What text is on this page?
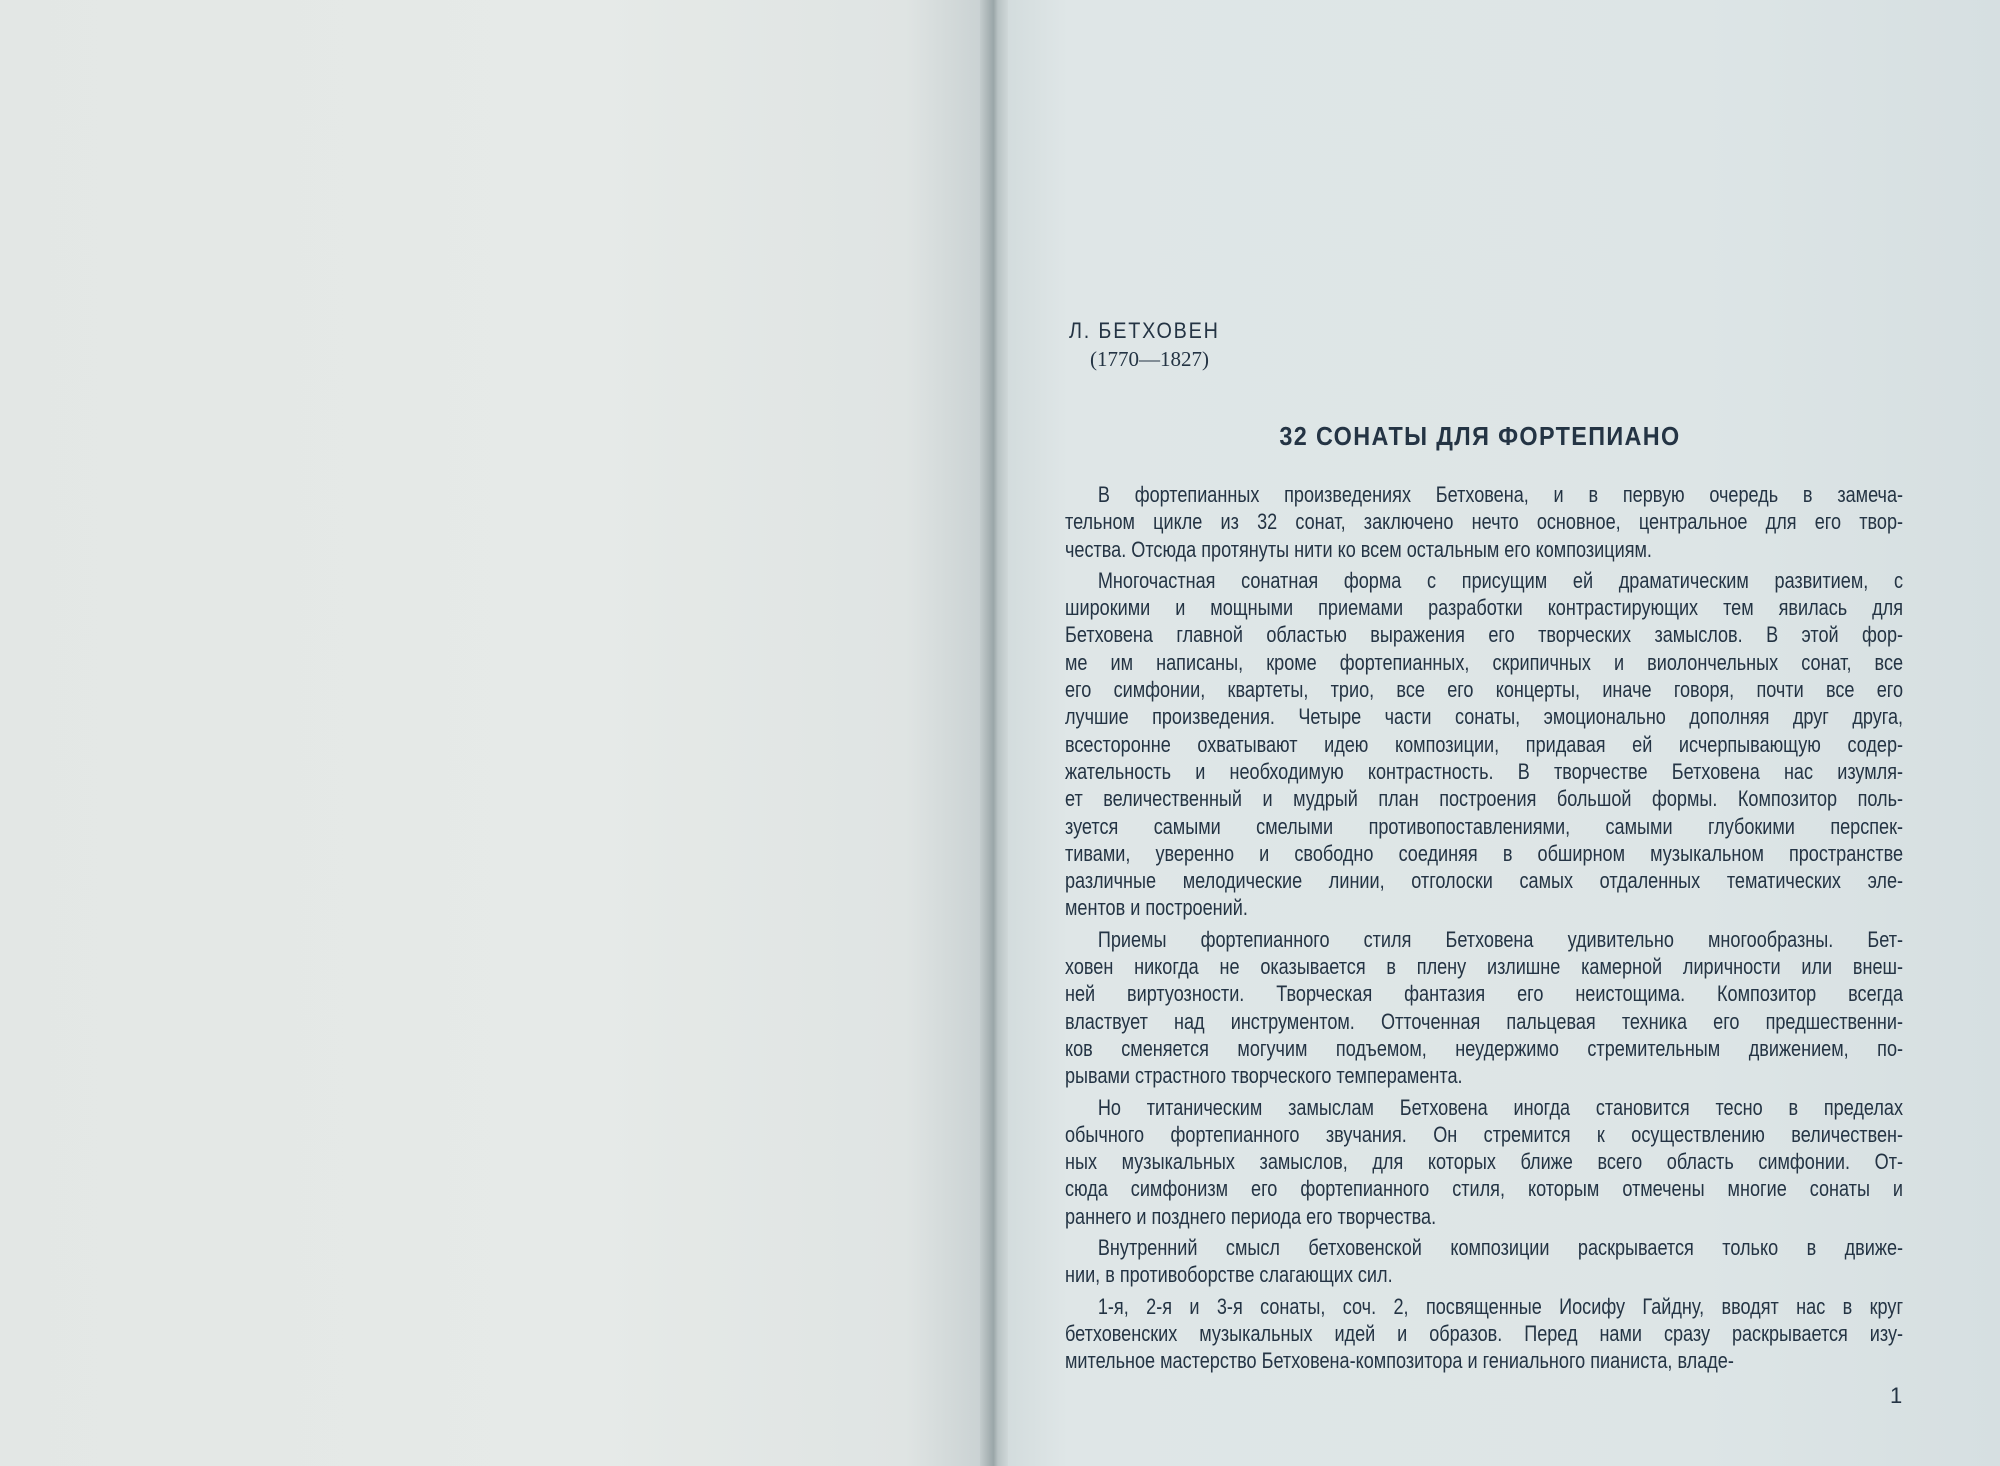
Л. БЕТХОВЕН
(1770—1827)
32 СОНАТЫ ДЛЯ ФОРТЕПИАНО
В фортепианных произведениях Бетховена, и в первую очередь в замеча-
тельном цикле из 32 сонат, заключено нечто основное, центральное для его твор-
чества. Отсюда протянуты нити ко всем остальным его композициям.
Многочастная сонатная форма с присущим ей драматическим развитием, с
широкими и мощными приемами разработки контрастирующих тем явилась для
Бетховена главной областью выражения его творческих замыслов. В этой фор-
ме им написаны, кроме фортепианных, скрипичных и виолончельных сонат, все
его симфонии, квартеты, трио, все его концерты, иначе говоря, почти все его
лучшие произведения. Четыре части сонаты, эмоционально дополняя друг друга,
всесторонне охватывают идею композиции, придавая ей исчерпывающую содер-
жательность и необходимую контрастность. В творчестве Бетховена нас изумля-
ет величественный и мудрый план построения большой формы. Композитор поль-
зуется самыми смелыми противопоставлениями, самыми глубокими перспек-
тивами, уверенно и свободно соединяя в обширном музыкальном пространстве
различные мелодические линии, отголоски самых отдаленных тематических эле-
ментов и построений.
Приемы фортепианного стиля Бетховена удивительно многообразны. Бет-
ховен никогда не оказывается в плену излишне камерной лиричности или внеш-
ней виртуозности. Творческая фантазия его неистощима. Композитор всегда
властвует над инструментом. Отточенная пальцевая техника его предшественни-
ков сменяется могучим подъемом, неудержимо стремительным движением, по-
рывами страстного творческого темперамента.
Но титаническим замыслам Бетховена иногда становится тесно в пределах
обычного фортепианного звучания. Он стремится к осуществлению величествен-
ных музыкальных замыслов, для которых ближе всего область симфонии. От-
сюда симфонизм его фортепианного стиля, которым отмечены многие сонаты и
раннего и позднего периода его творчества.
Внутренний смысл бетховенской композиции раскрывается только в движе-
нии, в противоборстве слагающих сил.
1-я, 2-я и 3-я сонаты, соч. 2, посвященные Иосифу Гайдну, вводят нас в круг
бетховенских музыкальных идей и образов. Перед нами сразу раскрывается изу-
мительное мастерство Бетховена-композитора и гениального пианиста, владе-
1
